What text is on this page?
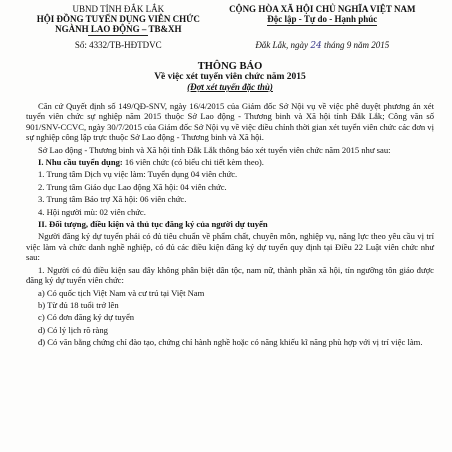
UBND TỈNH ĐẮK LẮK
HỘI ĐỒNG TUYỂN DỤNG VIÊN CHỨC
NGÀNH LAO ĐỘNG – TB&XH
CỘNG HÒA XÃ HỘI CHỦ NGHĨA VIỆT NAM
Độc lập - Tự do - Hạnh phúc
Số: 4332/TB-HĐTDVC	Đắk Lắk, ngày 24 tháng 9 năm 2015
THÔNG BÁO
Về việc xét tuyển viên chức năm 2015
(Đợt xét tuyển đặc thù)

Căn cứ Quyết định số 149/QĐ-SNV, ngày 16/4/2015 của Giám đốc Sở Nội vụ về việc phê duyệt phương án xét tuyển viên chức sự nghiệp năm 2015 thuộc Sở Lao động - Thương binh và Xã hội tỉnh Đắk Lắk; Công văn số 901/SNV-CCVC, ngày 30/7/2015 của Giám đốc Sở Nội vụ về việc điều chỉnh thời gian xét tuyển viên chức các đơn vị sự nghiệp công lập trực thuộc Sở Lao động - Thương binh và Xã hội.

Sở Lao động - Thương binh và Xã hội tỉnh Đắk Lắk thông báo xét tuyển viên chức năm 2015 như sau:

I. Nhu cầu tuyển dụng: 16 viên chức (có biểu chi tiết kèm theo).

1. Trung tâm Dịch vụ việc làm: Tuyển dụng 04 viên chức.

2. Trung tâm Giáo dục Lao động Xã hội: 04 viên chức.

3. Trung tâm Bảo trợ Xã hội: 06 viên chức.

4. Hội người mù: 02 viên chức.

II. Đối tượng, điều kiện và thủ tục đăng ký của người dự tuyển

Người đăng ký dự tuyển phải có đủ tiêu chuẩn về phẩm chất, chuyên môn, nghiệp vụ, năng lực theo yêu cầu vị trí việc làm và chức danh nghề nghiệp, có đủ các điều kiện đăng ký dự tuyển quy định tại Điều 22 Luật viên chức như sau:

1. Người có đủ điều kiện sau đây không phân biệt dân tộc, nam nữ, thành phần xã hội, tín ngưỡng tôn giáo được đăng ký dự tuyển viên chức:

a) Có quốc tịch Việt Nam và cư trú tại Việt Nam

b) Từ đủ 18 tuổi trở lên

c) Có đơn đăng ký dự tuyển

d) Có lý lịch rõ ràng

đ) Có văn bằng chứng chỉ đào tạo, chứng chỉ hành nghề hoặc có năng khiếu kĩ năng phù hợp với vị trí việc làm.
